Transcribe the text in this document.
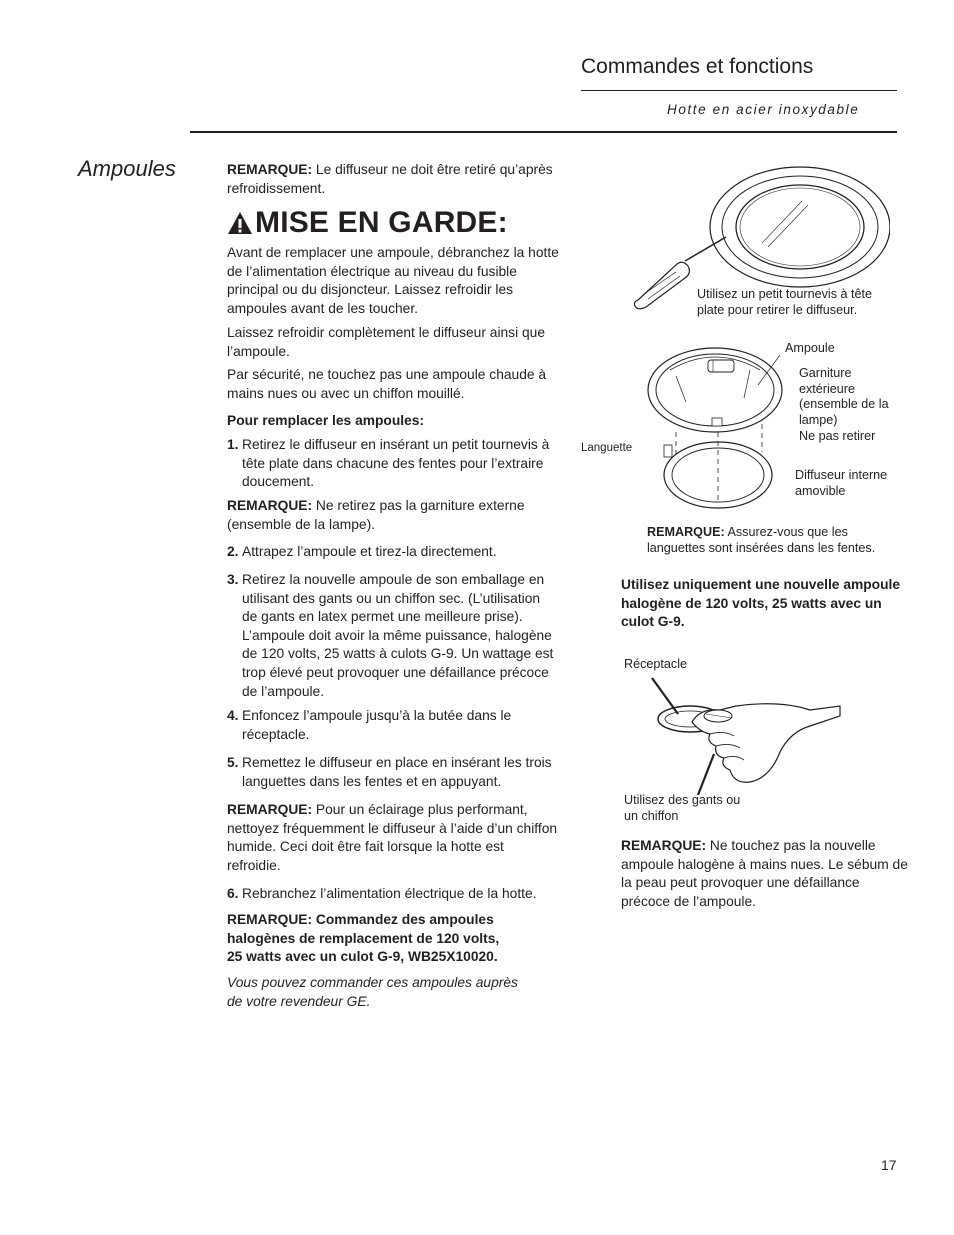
Commandes et fonctions
Hotte en acier inoxydable
Ampoules	REMARQUE: Le diffuseur ne doit être retiré qu’après refroidissement.

MISE EN GARDE:
Avant de remplacer une ampoule, débranchez la hotte de l’alimentation électrique au niveau du fusible principal ou du disjoncteur. Laissez refroidir les ampoules avant de les toucher.
Laissez refroidir complètement le diffuseur ainsi que l’ampoule.
Par sécurité, ne touchez pas une ampoule chaude à mains nues ou avec un chiffon mouillé.
Pour remplacer les ampoules:
1. Retirez le diffuseur en insérant un petit tournevis à tête plate dans chacune des fentes pour l’extraire doucement.

REMARQUE: Ne retirez pas la garniture externe (ensemble de la lampe).

2. Attrapez l’ampoule et tirez-la directement.
3. Retirez la nouvelle ampoule de son emballage en utilisant des gants ou un chiffon sec. (L’utilisation de gants en latex permet une meilleure prise). L’ampoule doit avoir la même puissance, halogène de 120 volts, 25 watts à culots G-9. Un wattage est trop élevé peut provoquer une défaillance précoce de l’ampoule.
4. Enfoncez l’ampoule jusqu’à la butée dans le réceptacle.
5. Remettez le diffuseur en place en insérant les trois languettes dans les fentes et en appuyant.

REMARQUE: Pour un éclairage plus performant, nettoyez fréquemment le diffuseur à l’aide d’un chiffon humide. Ceci doit être fait lorsque la hotte est refroidie.

6. Rebranchez l’alimentation électrique de la hotte.
REMARQUE: Commandez des ampoules halogènes de remplacement de 120 volts, 25 watts avec un culot G-9, WB25X10020.
Vous pouvez commander ces ampoules auprès de votre revendeur GE.
Utilisez un petit tournevis à tête plate pour retirer le diffuseur.
Ampoule
Garniture extérieure (ensemble de la lampe)
Ne pas retirer
Languette
Diffuseur interne amovible
REMARQUE: Assurez-vous que les languettes sont insérées dans les fentes.
Utilisez uniquement une nouvelle ampoule halogène de 120 volts, 25 watts avec un culot G-9.
Réceptacle
Utilisez des gants ou un chiffon
REMARQUE: Ne touchez pas la nouvelle ampoule halogène à mains nues. Le sébum de la peau peut provoquer une défaillance précoce de l’ampoule.
17
